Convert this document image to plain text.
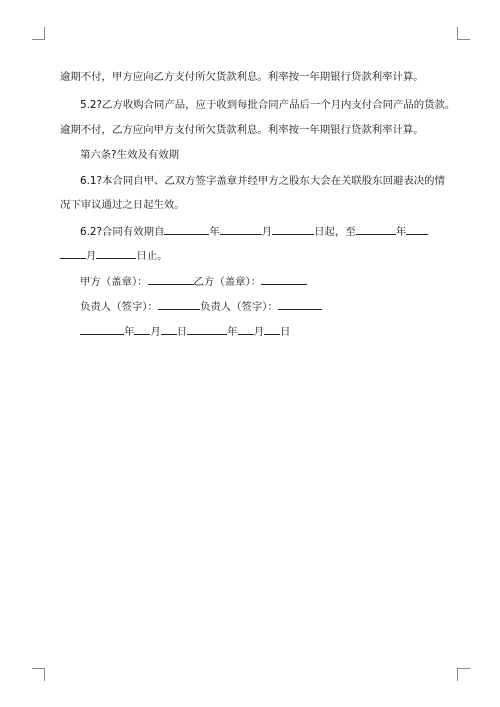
逾期不付，甲方应向乙方支付所欠货款利息。利率按一年期银行贷款利率计算。
5.2?乙方收购合同产品，应于收到每批合同产品后一个月内支付合同产品的货款。
逾期不付，乙方应向甲方支付所欠货款利息。利率按一年期银行贷款利率计算。
第六条?生效及有效期
6.1?本合同自甲、乙双方签字盖章并经甲方之股东大会在关联股东回避表决的情
况下审议通过之日起生效。
6.2?合同有效期自	年	月	日起，至	年
月	日止。
甲方（盖章）：	乙方（盖章）：
负责人（签字）：	负责人（签字）：
年 月 日	年 月 日
